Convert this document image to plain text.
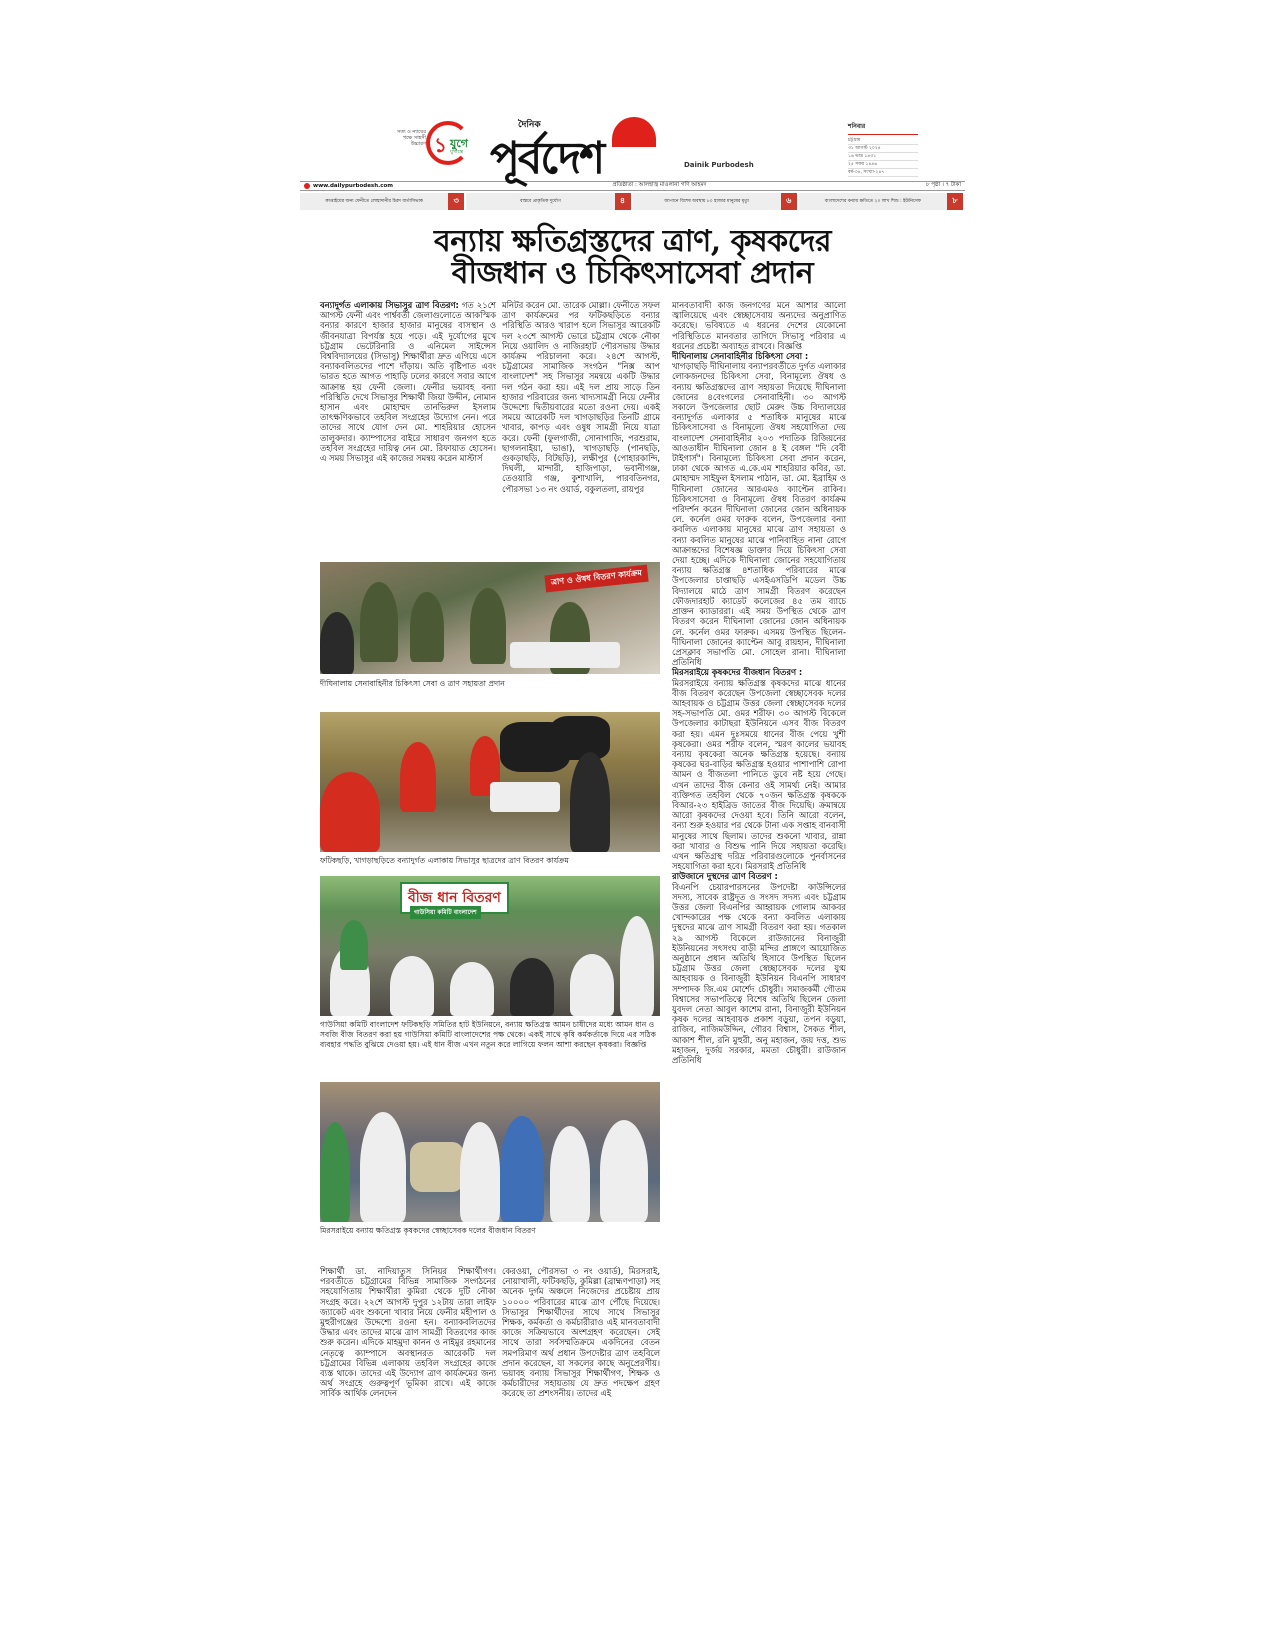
সত্য ও ন্যায়ের পক্ষে সাহসী উচ্চারণ ১ যুগে
যুগান্তে
দৈনিক
পূর্বদেশ	Dainik Purbodesh
শনিবার
চট্টগ্রাম
৩১ আগস্ট ২০২৪
১৬ ভাদ্র ১৪৩১
২৫ সফর ১৪৪৬
বর্ষ-৩৪, সংখ্যা-২৪৭
www.dailypurbodesh.com	প্রতিষ্ঠাতা : আলহাজ্ব মাওলানা গণি আহমদ	৮ পৃষ্ঠা । ৭ টাকা
কাপ্তাইয়ের জন্য ফেনীতে লোহাদানীর চিরদ বার্তাসিভাক	৩	বাস্তবে প্রাকৃতিক দুর্যোগ	৪	জাপানে বিশেষ অবস্থায় ৮০ হাজার মানুষের মৃত্যু	৬	বাংলাদেশের বন্যায় ক্ষতিতে ২০ লাখ শিশু : ইউনিসেফ	৮
বন্যায় ক্ষতিগ্রস্তদের ত্রাণ, কৃষকদের
বীজধান ও চিকিৎসাসেবা প্রদান
বন্যাদুর্গত এলাকায় সিভাসুর ত্রাণ বিতরণ: গত ২১শে আগস্ট ফেনী এবং পার্শ্ববর্তী জেলাগুলোতে আকস্মিক বন্যার কারণে হাজার হাজার মানুষের বাসস্থান ও জীবনযাত্রা বিপর্যস্ত হয়ে পড়ে। এই দুর্যোগের মুখে চট্টগ্রাম ভেটেরিনারি ও এনিমেল সাইন্সেস বিশ্ববিদ্যালয়ের (সিভাসু) শিক্ষার্থীরা দ্রুত এগিয়ে এসে বন্যাকবলিতদের পাশে দাঁড়ায়। অতি বৃষ্টিপাত এবং ভারত হতে আগত পাহাড়ি ঢলের কারণে সবার আগে আক্রান্ত হয় ফেনী জেলা। ফেনীর ভয়াবহ বন্যা পরিস্থিতি দেখে সিভাসুর শিক্ষার্থী জিয়া উদ্দীন, নোমান হাসান এবং মোহাম্মদ তানভিরুল ইসলাম তাৎক্ষণিকভাবে তহবিল সংগ্রহের উদ্যোগ নেন। পরে তাদের সাথে যোগ দেন মো. শাহরিয়ার হোসেন তালুকদার। ক্যাম্পাসের বাইরে সাধারণ জনগণ হতে তহবিল সংগ্রহের দায়িত্ব নেন মো. রিফায়াত হোসেন। এ সময় সিভাসুর এই কাজের সমন্বয় করেন মাস্টার্স
মনিটর করেন মো. তারেক মোল্লা। ফেনীতে সফল ত্রাণ কার্যক্রমের পর ফটিকছড়িতে বন্যার পরিস্থিতি আরও খারাপ হলে সিভাসুর আরেকটি দল ২৩শে আগস্ট ভোরে চট্টগ্রাম থেকে নৌকা নিয়ে ওয়ালিদ ও নাজিরহাট পৌরসভায় উদ্ধার কার্যক্রম পরিচালনা করে। ২৪শে আগস্ট, চট্টগ্রামের সামাজিক সংগঠন "নিক্স আপ বাংলাদেশ" সহ সিভাসুর সমন্বয়ে একটি উদ্ধার দল গঠন করা হয়। এই দল প্রায় সাড়ে তিন হাজার পরিবারের জন্য খাদ্যসামগ্রী নিয়ে ফেনীর উদ্দেশ্যে দ্বিতীয়বারের মতো রওনা দেয়। একই সময়ে আরেকটি দল খাগড়াছড়ির তিনটি গ্রামে খাবার, কাপড় এবং ওষুধ সামগ্রী নিয়ে যাত্রা করে। ফেনী (ফুলগাজী, সোনাগাজি, পরশুরাম, ছাগলনাইয়া, ভাঙা), খাগড়াছড়ি (পানছড়ি, গুকড়াছড়ি, বিটছড়ি), লক্ষীপুর (পোহারকান্দি, দিঘলী, মান্দারী, হাজিপাড়া, ভবানীগঞ্জ, তেওয়ারি গঞ্জ, কুশাখালি, পারবতিনগর, পৌরসভা ১৩ নং ওয়ার্ড, বকুলতলা, রায়পুর
মানবতাবাদী কাজ জনগণের মনে আশার আলো জ্বালিয়েছে এবং স্বেচ্ছাসেবায় অন্যদের অনুপ্রাণিত করেছে। ভবিষ্যতে এ ধরনের দেশের যেকোনো পরিস্থিতিতে মানবতার তাগিদে সিভাসু পরিবার এ ধরনের প্রচেষ্টা অব্যাহত রাখবে। বিজ্ঞপ্তি
দীঘিনালায় সেনাবাহিনীর চিকিৎসা সেবা :
খাগড়াছড়ি দীঘিনালায় বন্যাপরবর্তীতে দুর্গত এলাকার লোকজনদের চিকিৎসা সেবা, বিনামূল্যে ঔষধ ও বন্যায় ক্ষতিগ্রস্তদের ত্রাণ সহায়তা দিয়েছে দীঘিনালা জোনের ৪বেংগলের সেনাবাহিনী। ৩০ আগস্ট সকালে উপজেলার ছোট মেরুং উচ্চ বিদ্যালয়ের বন্যাদুর্গত এলাকার ৫ শতাধিক মানুষের মাঝে চিকিৎসাসেবা ও বিনামূল্যে ঔষধ সহযোগিতা দেয় বাংলাদেশ সেনাবাহিনীর ২০৩ পদাতিক রিজিয়নের আওতাধীন দীঘিনালা জোন ৪ ই বেঙ্গল "দি বেবী টাইগার্স"। বিনামূল্যে চিকিৎসা সেবা প্রদান করেন, ঢাকা থেকে আগত এ.কে.এম শাহরিয়ার কবির, ডা. মোহাম্মদ সাইফুল ইসলাম পাঠান, ডা. মো. ইব্রাহিম ও দীঘিনালা জোনের আরএমও ক্যাপ্টেন রাকিব। চিকিৎসাসেবা ও বিনামূল্যে ঔষধ বিতরণ কার্যক্রম পরিদর্শন করেন দীঘিনালা জোনের জোন অধিনায়ক লে. কর্নেল ওমর ফারুক বলেন, উপজেলার বন্যা কবলিত এলাকায় মানুষের মাঝে ত্রাণ সহায়তা ও বন্যা কবলিত মানুষের মাঝে পানিবাহিত নানা রোগে আক্রান্তদের বিশেষজ্ঞ ডাক্তার দিয়ে চিকিৎসা সেবা দেয়া হচ্ছে। এদিকে দীঘিনালা জোনের সহযোগিতায় বন্যায় ক্ষতিগ্রস্ত ৪শতাধিক পরিবারের মাঝে উপজেলার চাপ্তাছড়ি এসইএসডিপি মডেল উচ্চ বিদ্যালয়ে মাঠে ত্রাণ সামগ্রী বিতরণ করেছেন ফৌজদারহাট ক্যাডেট কলেজের ৪৫ তম ব্যাচে প্রাক্তন ক্যাডাররা। এই সময় উপস্থিত থেকে ত্রাণ বিতরণ করেন দীঘিনালা জোনের জোন অধিনায়ক লে. কর্নেল ওমর ফারুক। এসময় উপস্থিত ছিলেন- দীঘিনালা জোনের ক্যাপ্টেন আবু রায়হান, দীঘিনালা প্রেসক্লাব সভাপতি মো. সোহেল রানা। দীঘিনালা প্রতিনিধি
মিরসরাইয়ে কৃষকদের বীজধান বিতরণ :
মিরসরাইয়ে বন্যায় ক্ষতিগ্রস্ত কৃষকদের মাঝে ধানের বীজ বিতরণ করেছেন উপজেলা স্বেচ্ছাসেবক দলের আহবায়ক ও চট্টগ্রাম উত্তর জেলা স্বেচ্ছাসেবক দলের সহ-সভাপতি মো. ওমর শরীফ। ৩০ আগস্ট বিকেলে উপজেলার কাটাছরা ইউনিয়নে এসব বীজ বিতরণ করা হয়। এমন দুঃসময়ে ধানের বীজ পেয়ে খুশী কৃষকেরা। ওমর শরীফ বলেন, স্মরণ কালের ভয়াবহ বন্যায় কৃষকেরা অনেক ক্ষতিগ্রস্ত হয়েছে। বন্যায় কৃষকের ঘর-বাড়ির ক্ষতিগ্রস্ত হওয়ার পাশাপাশি রোপা আমন ও বীজতলা পানিতে ডুবে নষ্ট হয়ে গেছে। এখন তাদের বীজ কেনার ওই সামর্থ্য নেই। আমার ব্যক্তিগত তহবিল থেকে ৭০জন ক্ষতিগ্রস্ত কৃষককে বিআর-২৩ হাইব্রিড জাতের বীজ দিয়েছি। ক্রমান্বয়ে আরো কৃষকদের দেওয়া হবে। তিনি আরো বলেন, বন্যা শুরু হওয়ার পর থেকে টানা এক সপ্তাহ বানবাসী মানুষের সাথে ছিলাম। তাদের শুকনো খাবার, রান্না করা খাবার ও বিশুদ্ধ পানি দিয়ে সহায়তা করেছি। এখন ক্ষতিগ্রস্থ দরিদ্র পরিবারগুলোকে পুনর্বাসনের সহযোগিতা করা হবে। মিরসরাই প্রতিনিধি
রাউজানে দুস্থদের ত্রাণ বিতরণ :
বিএনপি চেয়ারপারসনের উপদেষ্টা কাউন্সিলের সদস্য, সাবেক রাষ্ট্রদূত ও সংসদ সদস্য এবং চট্টগ্রাম উত্তর জেলা বিএনপির আহ্বায়ক গোলাম আকবর খোন্দকারের পক্ষ থেকে বন্যা কবলিত এলাকায় দুস্থদের মাঝে ত্রাণ সামগ্রী বিতরণ করা হয়। গতকাল ২৯ আগস্ট বিকেলে রাউজানের বিনাজুরী ইউনিয়নের সৎসংঘ বাড়ী মন্দির প্রাঙ্গণে আয়োজিত অনুষ্ঠানে প্রধান অতিথি হিসাবে উপস্থিত ছিলেন চট্টগ্রাম উত্তর জেলা স্বেচ্ছাসেবক দলের যুগ্ম আহবায়ক ও বিনাজুরী ইউনিয়ন বিএনপি সাধারণ সম্পাদক জি.এম মোর্শেদ চৌধুরী। সমাজকর্মী গৌতম বিশ্বাসের সভাপতিত্বে বিশেষ অতিথি ছিলেন জেলা যুবদল নেতা আবুল কাশেম রানা, বিনাজুরী ইউনিয়ন কৃষক দলের আহবায়ক প্রকাশ বড়ুয়া, তপন বড়ুয়া, রাজিব, নাজিমউদ্দিন, গৌরব বিশ্বাস, সৈকত শীল, আকাশ শীল, রনি মুহুরী, অনু মহাজন, জয় দত্ত, শুভ মহাজন, দুর্জয় সরকার, মমতা চৌধুরী। রাউজান প্রতিনিধি
ত্রাণ ও ঔষধ বিতরণ কার্যক্রম
দীঘিনালায় সেনাবাহিনীর চিকিৎসা সেবা ও ত্রাণ সহায়তা প্রদান
ফটিকছড়ি, খাগড়াছড়িতে বন্যাদুর্গত এলাকায় সিভাসুর ছাত্রদের ত্রাণ বিতরণ কার্যক্রম
বীজ ধান বিতরণ
গাউসিয়া কমিটি বাংলাদেশ
গাউসিয়া কমিটি বাংলাদেশ ফটিকছড়ি সমিতির হাট ইউনিয়নে, বন্যায় ক্ষতিগ্রস্ত আমন চাষীদের মধ্যে আমন ধান ও সবজি বীজ বিতরণ করা হয় গাউসিয়া কমিটি বাংলাদেশের পক্ষ থেকে। একই সাথে কৃষি কর্মকর্তাকে দিয়ে এর সঠিক ব্যবহার পদ্ধতি বুঝিয়ে দেওয়া হয়। এই ধান বীজ এখন নতুন করে লাগিয়ে ফলন আশা করছেন কৃষকরা। বিজ্ঞপ্তি
মিরসরাইয়ে বন্যায় ক্ষতিগ্রস্ত কৃষকদের স্বেচ্ছাসেবক দলের বীজধান বিতরণ
শিক্ষার্থী ডা. নাদিয়াতুস সিনিয়র শিক্ষার্থীগণ। পরবর্তীতে চট্টগ্রামের বিভিন্ন সামাজিক সংগঠনের সহযোগিতায় শিক্ষার্থীরা কুমিরা থেকে দুটি নৌকা সংগ্রহ করে। ২২শে আগস্ট দুপুর ১২টায় তারা লাইফ জ্যাকেট এবং শুকনো খাবার নিয়ে ফেনীর মহীপাল ও মুহুরীগঞ্জের উদ্দেশ্যে রওনা হন। বন্যাকবলিতদের উদ্ধার এবং তাদের মাঝে ত্রাণ সামগ্রী বিতরণের কাজ শুরু করেন। এদিকে মাহমুদা কানন ও নাইমুর রহমানের নেতৃত্বে ক্যাম্পাসে অবস্থানরত আরেকটি দল চট্টগ্রামের বিভিন্ন এলাকায় তহবিল সংগ্রহের কাজে ব্যস্ত থাকে। তাদের এই উদ্যোগ ত্রাণ কার্যক্রমের জন্য অর্থ সংগ্রহে গুরুত্বপূর্ণ ভূমিকা রাখে। এই কাজে সার্বিক আর্থিক লেনদেন
কেরওয়া, পৌরসভা ৩ নং ওয়ার্ড), মিরসরাই, নোয়াখালী, ফটিকছড়ি, কুমিল্লা (ব্রাহ্মণপাড়া) সহ অনেক দুর্গম অঞ্চলে নিজেদের প্রচেষ্টায় প্রায় ১০০০০ পরিবারের মাঝে ত্রাণ পৌঁছে দিয়েছে। সিভাসুর শিক্ষার্থীদের সাথে সাথে সিভাসুর শিক্ষক, কর্মকর্তা ও কর্মচারীরাও এই মানবতাবাদী কাজে সক্রিয়ভাবে অংশগ্রহণ করেছেন। সেই সাথে তারা সর্বসম্মতিক্রমে একদিনের বেতন সমপরিমাণ অর্থ প্রধান উপদেষ্টার ত্রাণ তহবিলে প্রদান করেছেন, যা সকলের কাছে অনুপ্রেরণীয়। ভয়াবহ বন্যায় সিভাসুর শিক্ষার্থীগণ, শিক্ষক ও কর্মচারীদের সহায়তায় যে দ্রুত পদক্ষেপ গ্রহণ করেছে তা প্রশংসনীয়। তাদের এই
